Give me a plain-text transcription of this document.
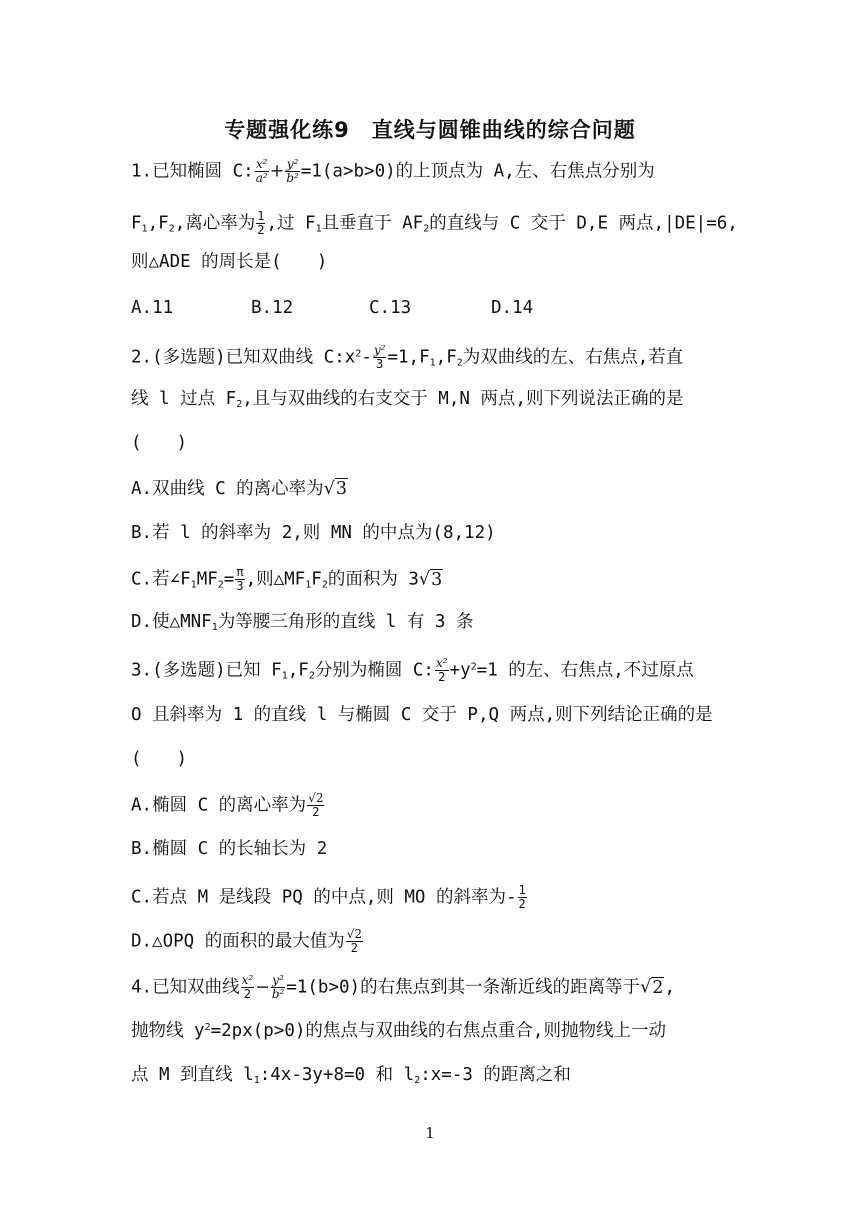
专题强化练9　直线与圆锥曲线的综合问题
1.已知椭圆 C: $\frac{\text{x²}}{\text{a²}} + \frac{\text{y²}}{\text{b²}} =1(a>b>0)$的上顶点为 A,左、右焦点分别为
$F_1,F_2$,离心率为 $\frac{1}{2}$ ,过 $F_1$且垂直于 $AF_2$的直线与 C 交于 D,E 两点,|DE|=6,
则△ADE 的周长是(　　)
A.11	B.12	C.13	D.14
2.(多选题)已知双曲线 $C:x^2- \frac{\text{y²}}{3} =1,F_1,F_2$为双曲线的左、右焦点,若直
线 l 过点 $F_2$,且与双曲线的右支交于 M,N 两点,则下列说法正确的是
(　　)
A.双曲线 C 的离心率为√3
B.若 l 的斜率为 2,则 MN 的中点为(8,12)
C.若$\angle F_1MF_2= \frac{\pi}{3}$ ,则$\triangle MF_1F_2$的面积为 3√3
D.使$\triangle MNF_1$为等腰三角形的直线 l 有 3 条
3.(多选题)已知 $F_1,F_2$分别为椭圆 C: $\frac{\text{x²}}{2} +y^2=1$ 的左、右焦点,不过原点
O 且斜率为 1 的直线 l 与椭圆 C 交于 P,Q 两点,则下列结论正确的是
(　　)
A.椭圆 C 的离心率为 $\frac{√2}{2}$
B.椭圆 C 的长轴长为 2
C.若点 M 是线段 PQ 的中点,则 MO 的斜率为- $\frac{1}{2}$
D.△OPQ 的面积的最大值为 $\frac{√2}{2}$
4.已知双曲线 $\frac{\text{x²}}{2} - \frac{\text{y²}}{\text{b²}} =1(b>0)$的右焦点到其一条渐近线的距离等于√2,
抛物线 $y^2=2px(p>0)$的焦点与双曲线的右焦点重合,则抛物线上一动
点 M 到直线 $l_1:4x-3y+8=0$ 和 $l_2:x=-3$ 的距离之和
1
